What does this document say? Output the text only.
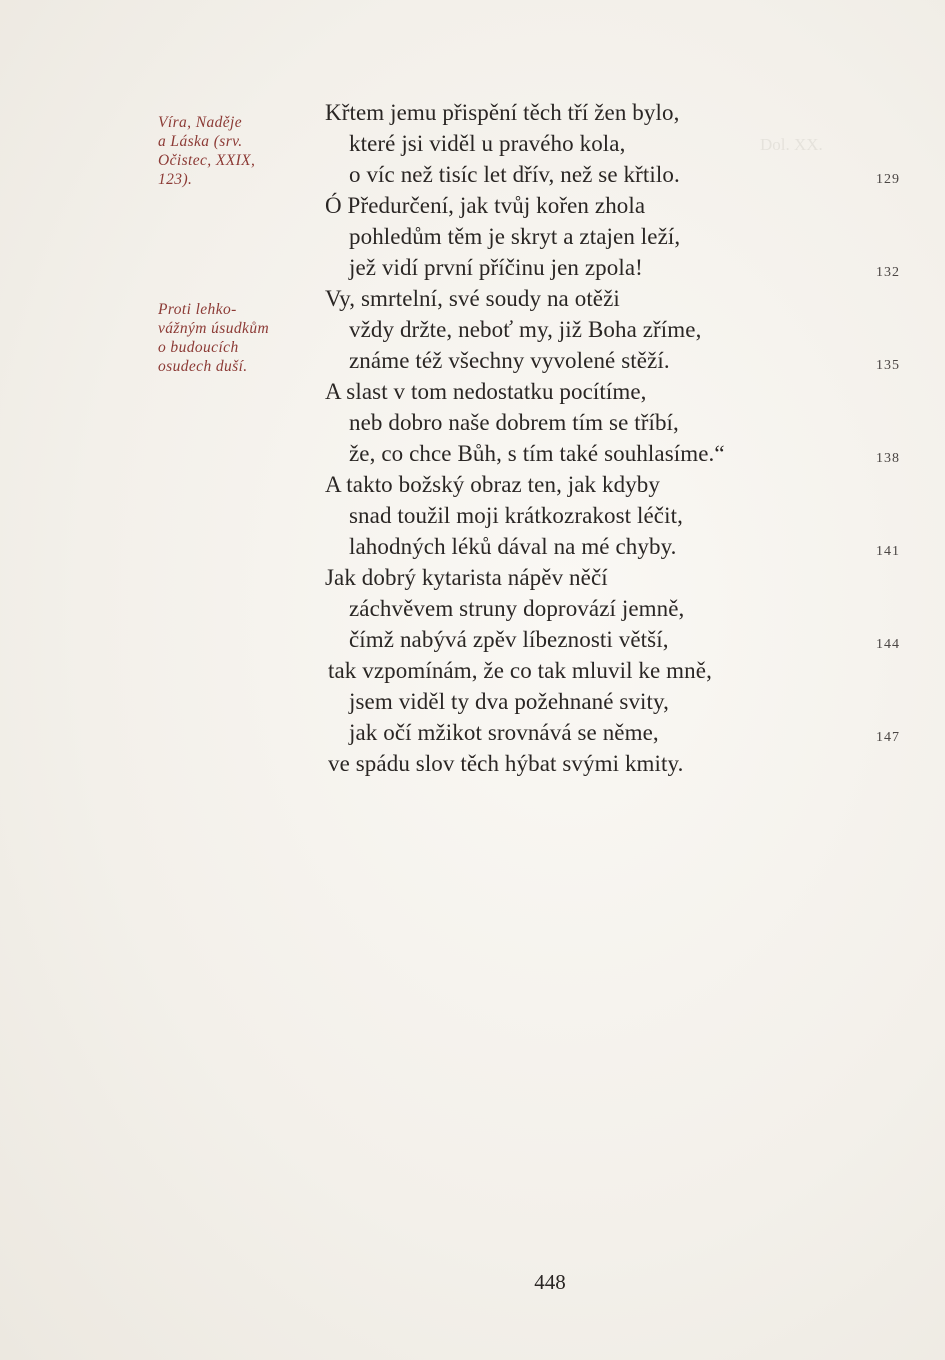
Dol. XX.
Víra, Naděje
a Láska (srv.
Očistec, XXIX,
123).
Proti lehko-
vážným úsudkům
o budoucích
osudech duší.
Křtem jemu přispění těch tří žen bylo,
které jsi viděl u pravého kola,
o víc než tisíc let dřív, než se křtilo.
Ó Předurčení, jak tvůj kořen zhola
pohledům těm je skryt a ztajen leží,
jež vidí první příčinu jen zpola!
Vy, smrtelní, své soudy na otěži
vždy držte, neboť my, již Boha zříme,
známe též všechny vyvolené stěží.
A slast v tom nedostatku pocítíme,
neb dobro naše dobrem tím se tříbí,
že, co chce Bůh, s tím také souhlasíme.“
A takto božský obraz ten, jak kdyby
snad toužil moji krátkozrakost léčit,
lahodných léků dával na mé chyby.
Jak dobrý kytarista nápěv něčí
záchvěvem struny doprovází jemně,
čímž nabývá zpěv líbeznosti větší,
tak vzpomínám, že co tak mluvil ke mně,
jsem viděl ty dva požehnané svity,
jak očí mžikot srovnává se něme,
ve spádu slov těch hýbat svými kmity.
129
132
135
138
141
144
147
448
